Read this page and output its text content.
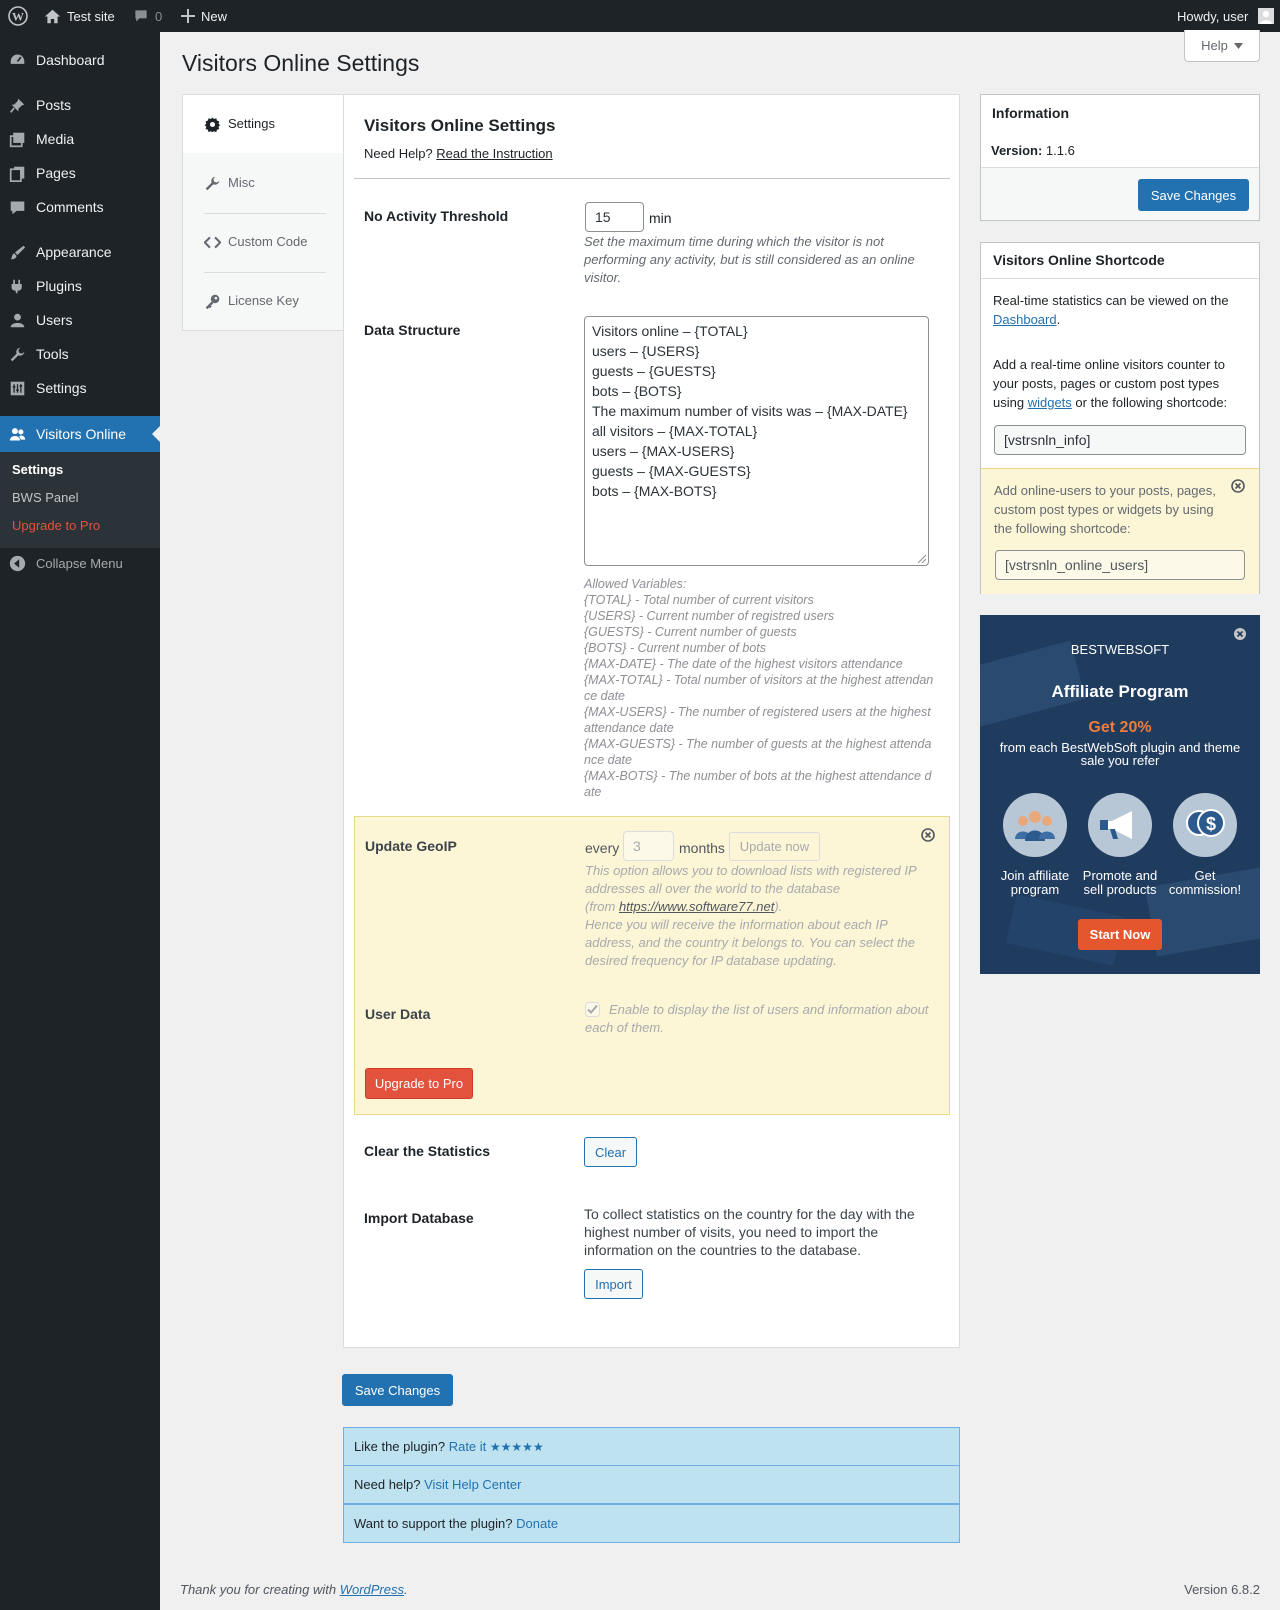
W	Test site	0	New	Howdy, user
Dashboard
Posts
Media
Pages
Comments
Appearance
Plugins
Users
Tools
Settings
Visitors Online
Settings
BWS Panel
Upgrade to Pro
Collapse Menu
Help
Visitors Online Settings
Settings
Misc
Custom Code
License Key
Visitors Online Settings
Need Help? Read the Instruction
No Activity Threshold	15	min
Set the maximum time during which the visitor is not performing any activity, but is still considered as an online visitor.
Data Structure	Visitors online – {TOTAL}
users – {USERS}
guests – {GUESTS}
bots – {BOTS}
The maximum number of visits was – {MAX-DATE}
all visitors – {MAX-TOTAL}
users – {MAX-USERS}
guests – {MAX-GUESTS}
bots – {MAX-BOTS}
Allowed Variables:
{TOTAL} - Total number of current visitors
{USERS} - Current number of registred users
{GUESTS} - Current number of guests
{BOTS} - Current number of bots
{MAX-DATE} - The date of the highest visitors attendance
{MAX-TOTAL} - Total number of visitors at the highest attendance date
{MAX-USERS} - The number of registered users at the highest attendance date
{MAX-GUESTS} - The number of guests at the highest attendance date
{MAX-BOTS} - The number of bots at the highest attendance date
Update GeoIP	every 3	months	Update now
This option allows you to download lists with registered IP addresses all over the world to the database
(from https://www.software77.net).
Hence you will receive the information about each IP address, and the country it belongs to. You can select the desired frequency for IP database updating.
User Data	Enable to display the list of users and information about each of them.
Upgrade to Pro
Clear the Statistics	Clear
Import Database	To collect statistics on the country for the day with the highest number of visits, you need to import the information on the countries to the database.
Import
Save Changes
Like the plugin?
Rate it
★★★★★
Need help?
Visit Help Center
Want to support the plugin?
Donate
Information
Version: 1.1.6
Save Changes
Visitors Online Shortcode
Real-time statistics can be viewed on the Dashboard.
Add a real-time online visitors counter to your posts, pages or custom post types using widgets or the following shortcode:
[vstrsnln_info]
Add online-users to your posts, pages, custom post types or widgets by using the following shortcode:
[vstrsnln_online_users]
BESTWEBSOFT
Affiliate Program
Get 20%
from each BestWebSoft plugin and theme sale you refer
$
Join affiliate program
Promote and sell products
Get commission!
Start Now
Thank you for creating with WordPress.	Version 6.8.2
